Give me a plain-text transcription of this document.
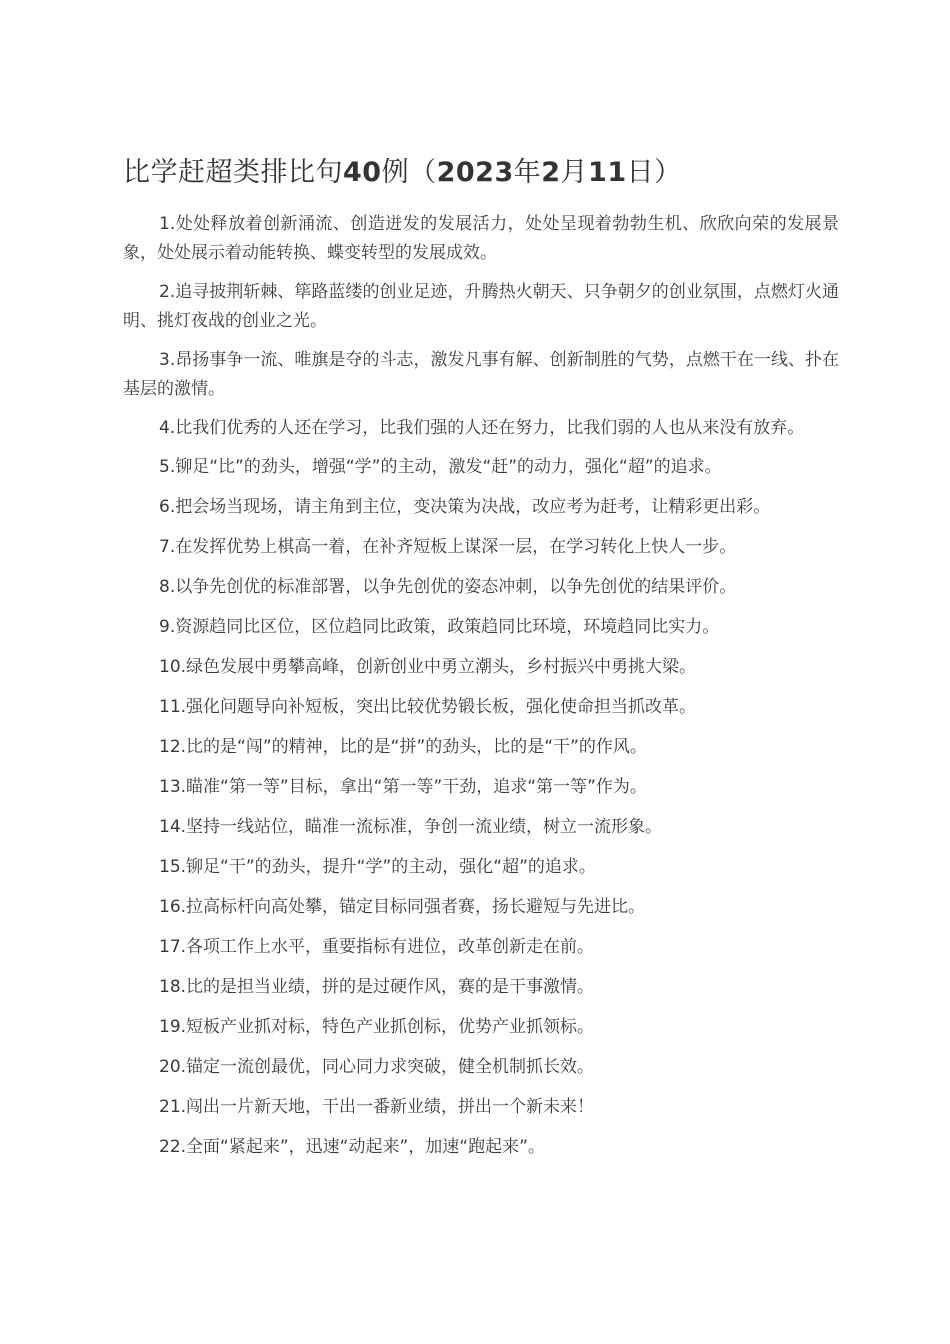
比学赶超类排比句40例（2023年2月11日）

1.处处释放着创新涌流、创造迸发的发展活力，处处呈现着勃勃生机、欣欣向荣的发展景象，处处展示着动能转换、蝶变转型的发展成效。

2.追寻披荆斩棘、筚路蓝缕的创业足迹，升腾热火朝天、只争朝夕的创业氛围，点燃灯火通明、挑灯夜战的创业之光。

3.昂扬事争一流、唯旗是夺的斗志，激发凡事有解、创新制胜的气势，点燃干在一线、扑在基层的激情。

4.比我们优秀的人还在学习，比我们强的人还在努力，比我们弱的人也从来没有放弃。

5.铆足“比”的劲头，增强“学”的主动，激发“赶”的动力，强化“超”的追求。

6.把会场当现场，请主角到主位，变决策为决战，改应考为赶考，让精彩更出彩。

7.在发挥优势上棋高一着，在补齐短板上谋深一层，在学习转化上快人一步。

8.以争先创优的标准部署，以争先创优的姿态冲刺，以争先创优的结果评价。

9.资源趋同比区位，区位趋同比政策，政策趋同比环境，环境趋同比实力。

10.绿色发展中勇攀高峰，创新创业中勇立潮头，乡村振兴中勇挑大梁。

11.强化问题导向补短板，突出比较优势锻长板，强化使命担当抓改革。

12.比的是“闯”的精神，比的是“拼”的劲头，比的是“干”的作风。

13.瞄准“第一等”目标，拿出“第一等”干劲，追求“第一等”作为。

14.坚持一线站位，瞄准一流标准，争创一流业绩，树立一流形象。

15.铆足“干”的劲头，提升“学”的主动，强化“超”的追求。

16.拉高标杆向高处攀，锚定目标同强者赛，扬长避短与先进比。

17.各项工作上水平，重要指标有进位，改革创新走在前。

18.比的是担当业绩，拼的是过硬作风，赛的是干事激情。

19.短板产业抓对标，特色产业抓创标，优势产业抓领标。

20.锚定一流创最优，同心同力求突破，健全机制抓长效。

21.闯出一片新天地，干出一番新业绩，拼出一个新未来！

22.全面“紧起来”，迅速“动起来”，加速“跑起来”。
